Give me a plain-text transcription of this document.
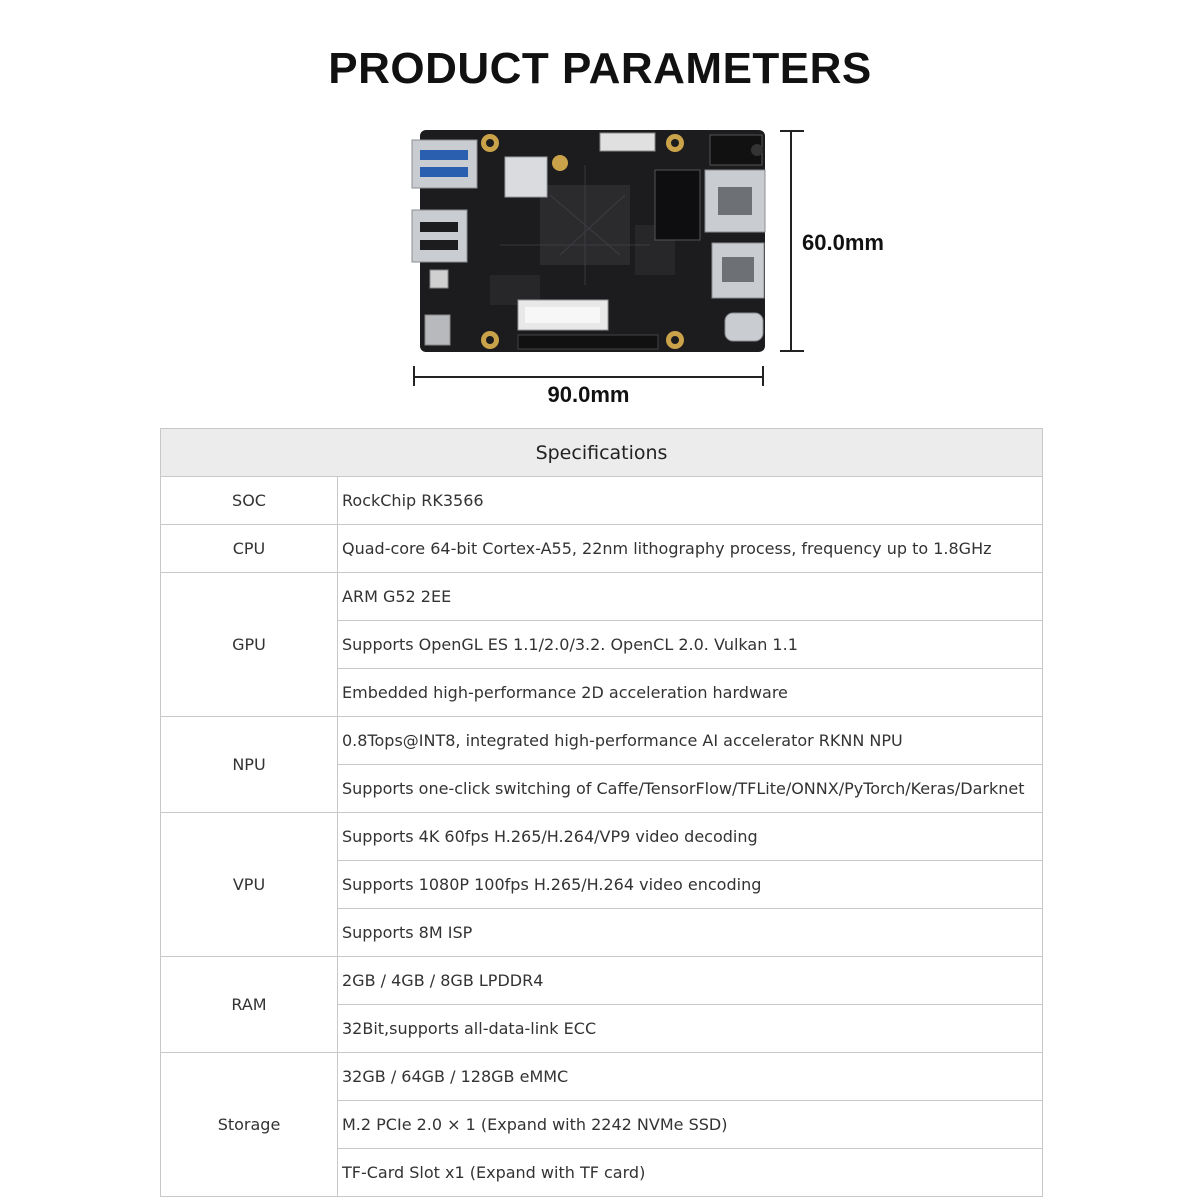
PRODUCT PARAMETERS
60.0mm
90.0mm
Specifications	
SOC	RockChip RK3566
CPU	Quad-core 64-bit Cortex-A55, 22nm lithography process, frequency up to 1.8GHz
GPU	ARM G52 2EE
	Supports OpenGL ES 1.1/2.0/3.2. OpenCL 2.0. Vulkan 1.1
	Embedded high-performance 2D acceleration hardware
NPU	0.8Tops@INT8, integrated high-performance AI accelerator RKNN NPU
	Supports one-click switching of Caffe/TensorFlow/TFLite/ONNX/PyTorch/Keras/Darknet
VPU	Supports 4K 60fps H.265/H.264/VP9 video decoding
	Supports 1080P 100fps H.265/H.264 video encoding
	Supports 8M ISP
RAM	2GB / 4GB / 8GB LPDDR4
	32Bit,supports all-data-link ECC
Storage	32GB / 64GB / 128GB eMMC
	M.2 PCIe 2.0 × 1 (Expand with 2242 NVMe SSD)
	TF-Card Slot x1 (Expand with TF card)
